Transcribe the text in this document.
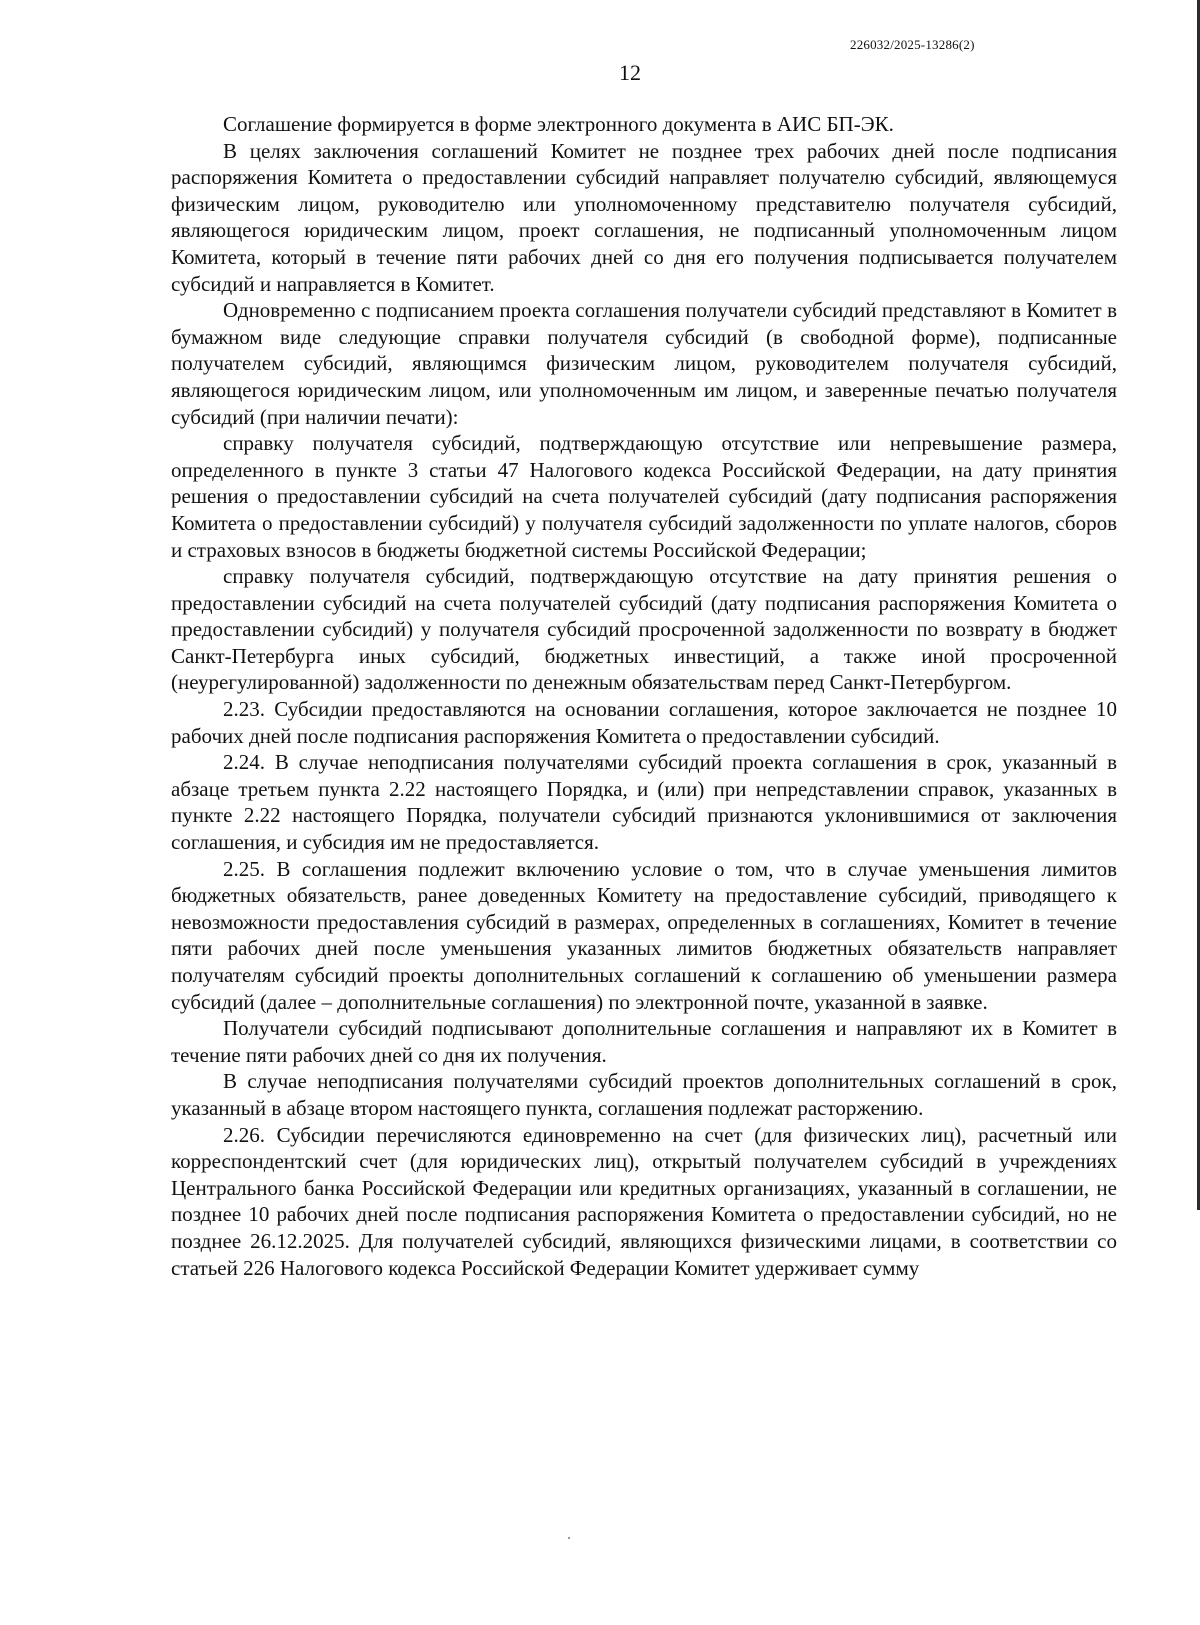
226032/2025-13286(2)
12

Соглашение формируется в форме электронного документа в АИС БП-ЭК.

В целях заключения соглашений Комитет не позднее трех рабочих дней после подписания распоряжения Комитета о предоставлении субсидий направляет получателю субсидий, являющемуся физическим лицом, руководителю или уполномоченному представителю получателя субсидий, являющегося юридическим лицом, проект соглашения, не подписанный уполномоченным лицом Комитета, который в течение пяти рабочих дней со дня его получения подписывается получателем субсидий и направляется в Комитет.

Одновременно с подписанием проекта соглашения получатели субсидий представляют в Комитет в бумажном виде следующие справки получателя субсидий (в свободной форме), подписанные получателем субсидий, являющимся физическим лицом, руководителем получателя субсидий, являющегося юридическим лицом, или уполномоченным им лицом, и заверенные печатью получателя субсидий (при наличии печати):

справку получателя субсидий, подтверждающую отсутствие или непревышение размера, определенного в пункте 3 статьи 47 Налогового кодекса Российской Федерации, на дату принятия решения о предоставлении субсидий на счета получателей субсидий (дату подписания распоряжения Комитета о предоставлении субсидий) у получателя субсидий задолженности по уплате налогов, сборов и страховых взносов в бюджеты бюджетной системы Российской Федерации;

справку получателя субсидий, подтверждающую отсутствие на дату принятия решения о предоставлении субсидий на счета получателей субсидий (дату подписания распоряжения Комитета о предоставлении субсидий) у получателя субсидий просроченной задолженности по возврату в бюджет Санкт-Петербурга иных субсидий, бюджетных инвестиций, а также иной просроченной (неурегулированной) задолженности по денежным обязательствам перед Санкт-Петербургом.

2.23. Субсидии предоставляются на основании соглашения, которое заключается не позднее 10 рабочих дней после подписания распоряжения Комитета о предоставлении субсидий.

2.24. В случае неподписания получателями субсидий проекта соглашения в срок, указанный в абзаце третьем пункта 2.22 настоящего Порядка, и (или) при непредставлении справок, указанных в пункте 2.22 настоящего Порядка, получатели субсидий признаются уклонившимися от заключения соглашения, и субсидия им не предоставляется.

2.25. В соглашения подлежит включению условие о том, что в случае уменьшения лимитов бюджетных обязательств, ранее доведенных Комитету на предоставление субсидий, приводящего к невозможности предоставления субсидий в размерах, определенных в соглашениях, Комитет в течение пяти рабочих дней после уменьшения указанных лимитов бюджетных обязательств направляет получателям субсидий проекты дополнительных соглашений к соглашению об уменьшении размера субсидий (далее – дополнительные соглашения) по электронной почте, указанной в заявке.

Получатели субсидий подписывают дополнительные соглашения и направляют их в Комитет в течение пяти рабочих дней со дня их получения.

В случае неподписания получателями субсидий проектов дополнительных соглашений в срок, указанный в абзаце втором настоящего пункта, соглашения подлежат расторжению.

2.26. Субсидии перечисляются единовременно на счет (для физических лиц), расчетный или корреспондентский счет (для юридических лиц), открытый получателем субсидий в учреждениях Центрального банка Российской Федерации или кредитных организациях, указанный в соглашении, не позднее 10 рабочих дней после подписания распоряжения Комитета о предоставлении субсидий, но не позднее 26.12.2025. Для получателей субсидий, являющихся физическими лицами, в соответствии со статьей 226 Налогового кодекса Российской Федерации Комитет удерживает сумму
